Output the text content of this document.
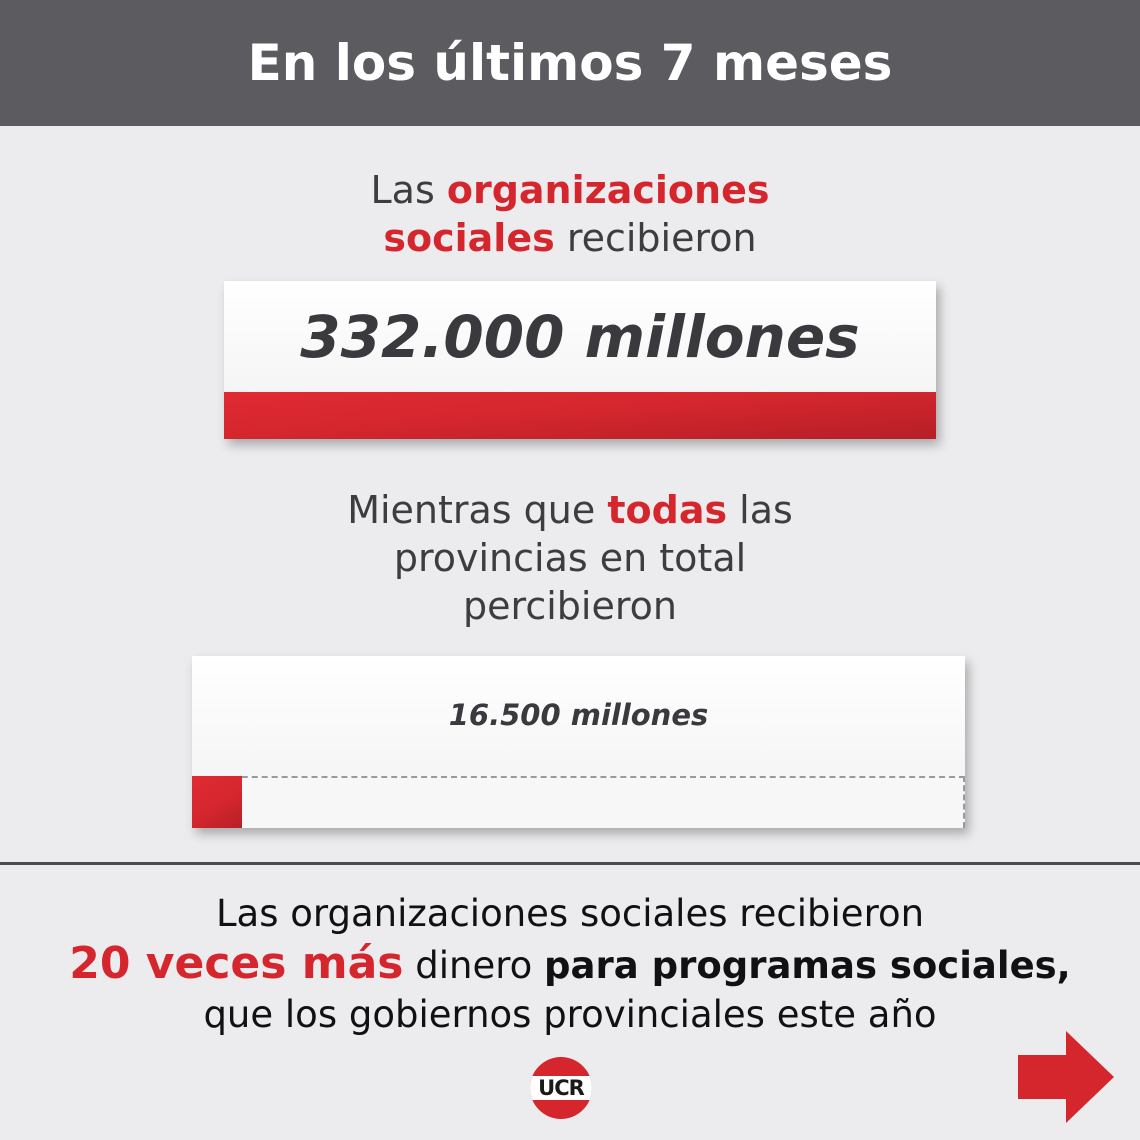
En los últimos 7 meses
Las organizaciones
sociales recibieron
332.000 millones
Mientras que todas las
provincias en total
percibieron
16.500 millones
Las organizaciones sociales recibieron
20 veces más dinero para programas sociales,
que los gobiernos provinciales este año
UCR
